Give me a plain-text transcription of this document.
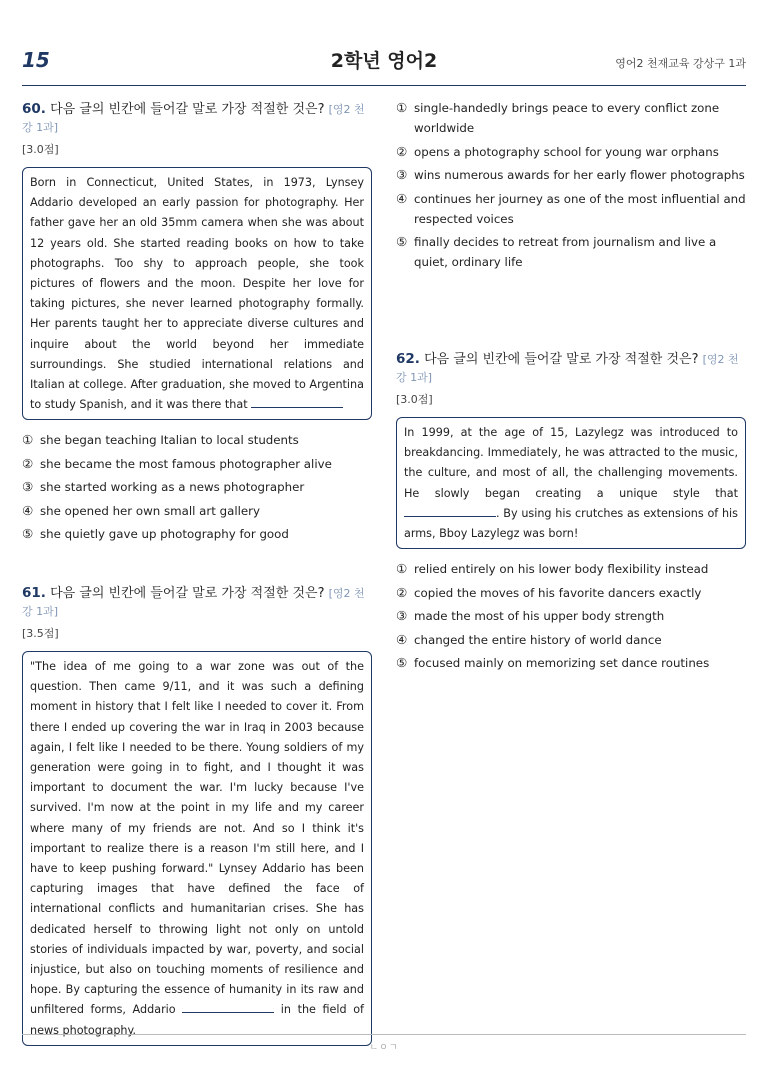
15	2학년 영어2	영어2 천재교육 강상구 1과
60. 다음 글의 빈칸에 들어갈 말로 가장 적절한 것은? [영2 천강 1과]
[3.0점]
Born in Connecticut, United States, in 1973, Lynsey Addario developed an early passion for photography. Her father gave her an old 35mm camera when she was about 12 years old. She started reading books on how to take photographs. Too shy to approach people, she took pictures of flowers and the moon. Despite her love for taking pictures, she never learned photography formally. Her parents taught her to appreciate diverse cultures and inquire about the world beyond her immediate surroundings. She studied international relations and Italian at college. After graduation, she moved to Argentina to study Spanish, and it was there that
① she began teaching Italian to local students
② she became the most famous photographer alive
③ she started working as a news photographer
④ she opened her own small art gallery
⑤ she quietly gave up photography for good
61. 다음 글의 빈칸에 들어갈 말로 가장 적절한 것은? [영2 천강 1과]
[3.5점]
"The idea of me going to a war zone was out of the question. Then came 9/11, and it was such a defining moment in history that I felt like I needed to cover it. From there I ended up covering the war in Iraq in 2003 because again, I felt like I needed to be there. Young soldiers of my generation were going in to fight, and I thought it was important to document the war. I'm lucky because I've survived. I'm now at the point in my life and my career where many of my friends are not. And so I think it's important to realize there is a reason I'm still here, and I have to keep pushing forward." Lynsey Addario has been capturing images that have defined the face of international conflicts and humanitarian crises. She has dedicated herself to throwing light not only on untold stories of individuals impacted by war, poverty, and social injustice, but also on touching moments of resilience and hope. By capturing the essence of humanity in its raw and unfiltered forms, Addario	in the field of news photography.
① single-handedly brings peace to every conflict zone worldwide
② opens a photography school for young war orphans
③ wins numerous awards for her early flower photographs
④ continues her journey as one of the most influential and respected voices
⑤ finally decides to retreat from journalism and live a quiet, ordinary life
62. 다음 글의 빈칸에 들어갈 말로 가장 적절한 것은? [영2 천강 1과]
[3.0점]
In 1999, at the age of 15, Lazylegz was introduced to breakdancing. Immediately, he was attracted to the music, the culture, and most of all, the challenging movements. He slowly began creating a unique style that . By using his crutches as extensions of his arms, Bboy Lazylegz was born!
① relied entirely on his lower body flexibility instead
② copied the moves of his favorite dancers exactly
③ made the most of his upper body strength
④ changed the entire history of world dance
⑤ focused mainly on memorizing set dance routines
ㄴㅇㄱ
